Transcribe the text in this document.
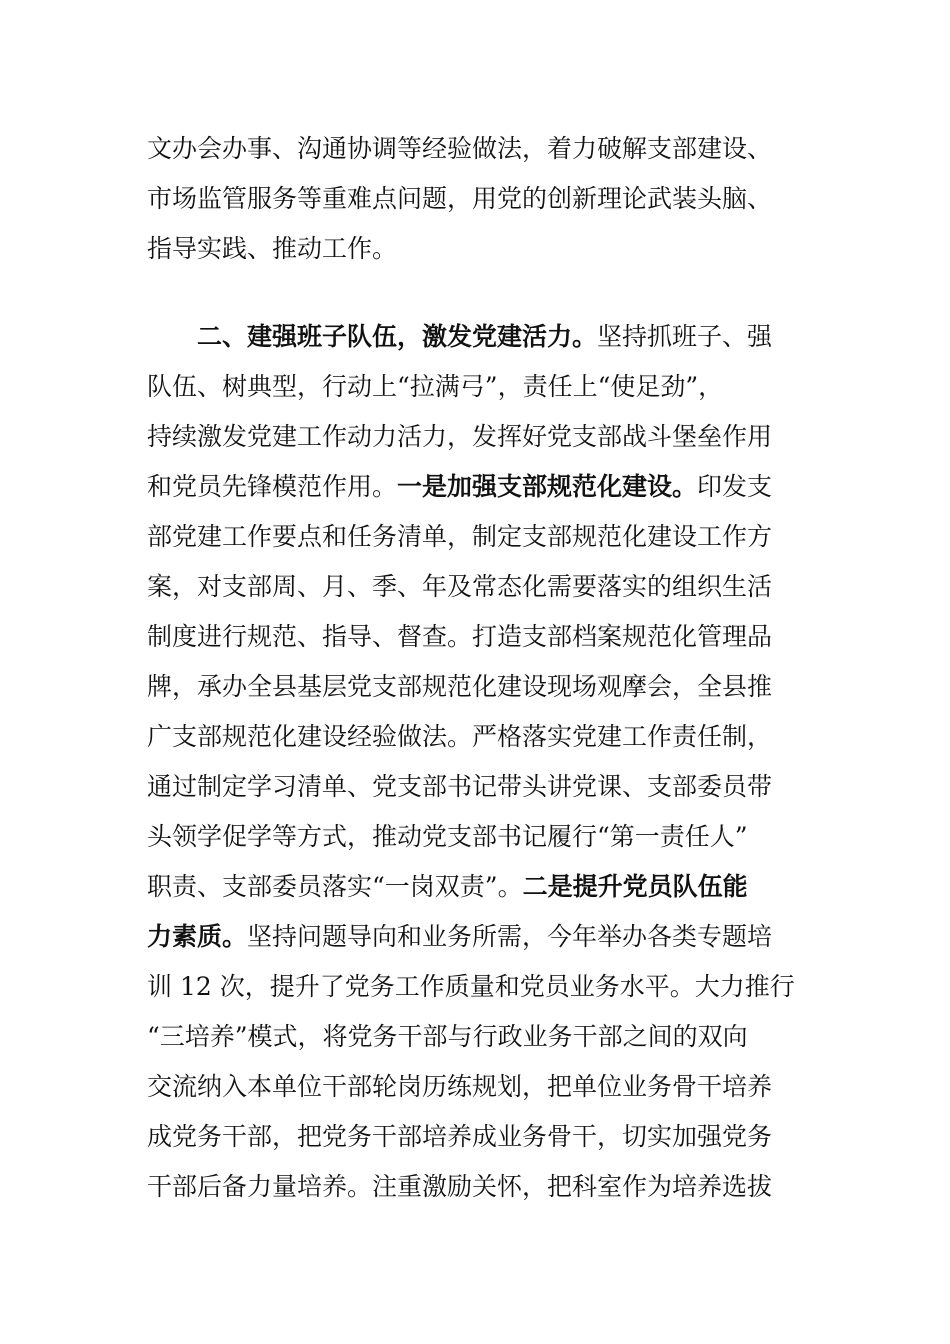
文办会办事、沟通协调等经验做法，着力破解支部建设、
市场监管服务等重难点问题，用党的创新理论武装头脑、
指导实践、推动工作。
二、建强班子队伍，激发党建活力。坚持抓班子、强
队伍、树典型，行动上“拉满弓”，责任上“使足劲”，
持续激发党建工作动力活力，发挥好党支部战斗堡垒作用
和党员先锋模范作用。一是加强支部规范化建设。印发支
部党建工作要点和任务清单，制定支部规范化建设工作方
案，对支部周、月、季、年及常态化需要落实的组织生活
制度进行规范、指导、督查。打造支部档案规范化管理品
牌，承办全县基层党支部规范化建设现场观摩会，全县推
广支部规范化建设经验做法。严格落实党建工作责任制，
通过制定学习清单、党支部书记带头讲党课、支部委员带
头领学促学等方式，推动党支部书记履行“第一责任人”
职责、支部委员落实“一岗双责”。二是提升党员队伍能
力素质。坚持问题导向和业务所需，今年举办各类专题培
训 12 次，提升了党务工作质量和党员业务水平。大力推行
“三培养”模式，将党务干部与行政业务干部之间的双向
交流纳入本单位干部轮岗历练规划，把单位业务骨干培养
成党务干部，把党务干部培养成业务骨干，切实加强党务
干部后备力量培养。注重激励关怀，把科室作为培养选拔
